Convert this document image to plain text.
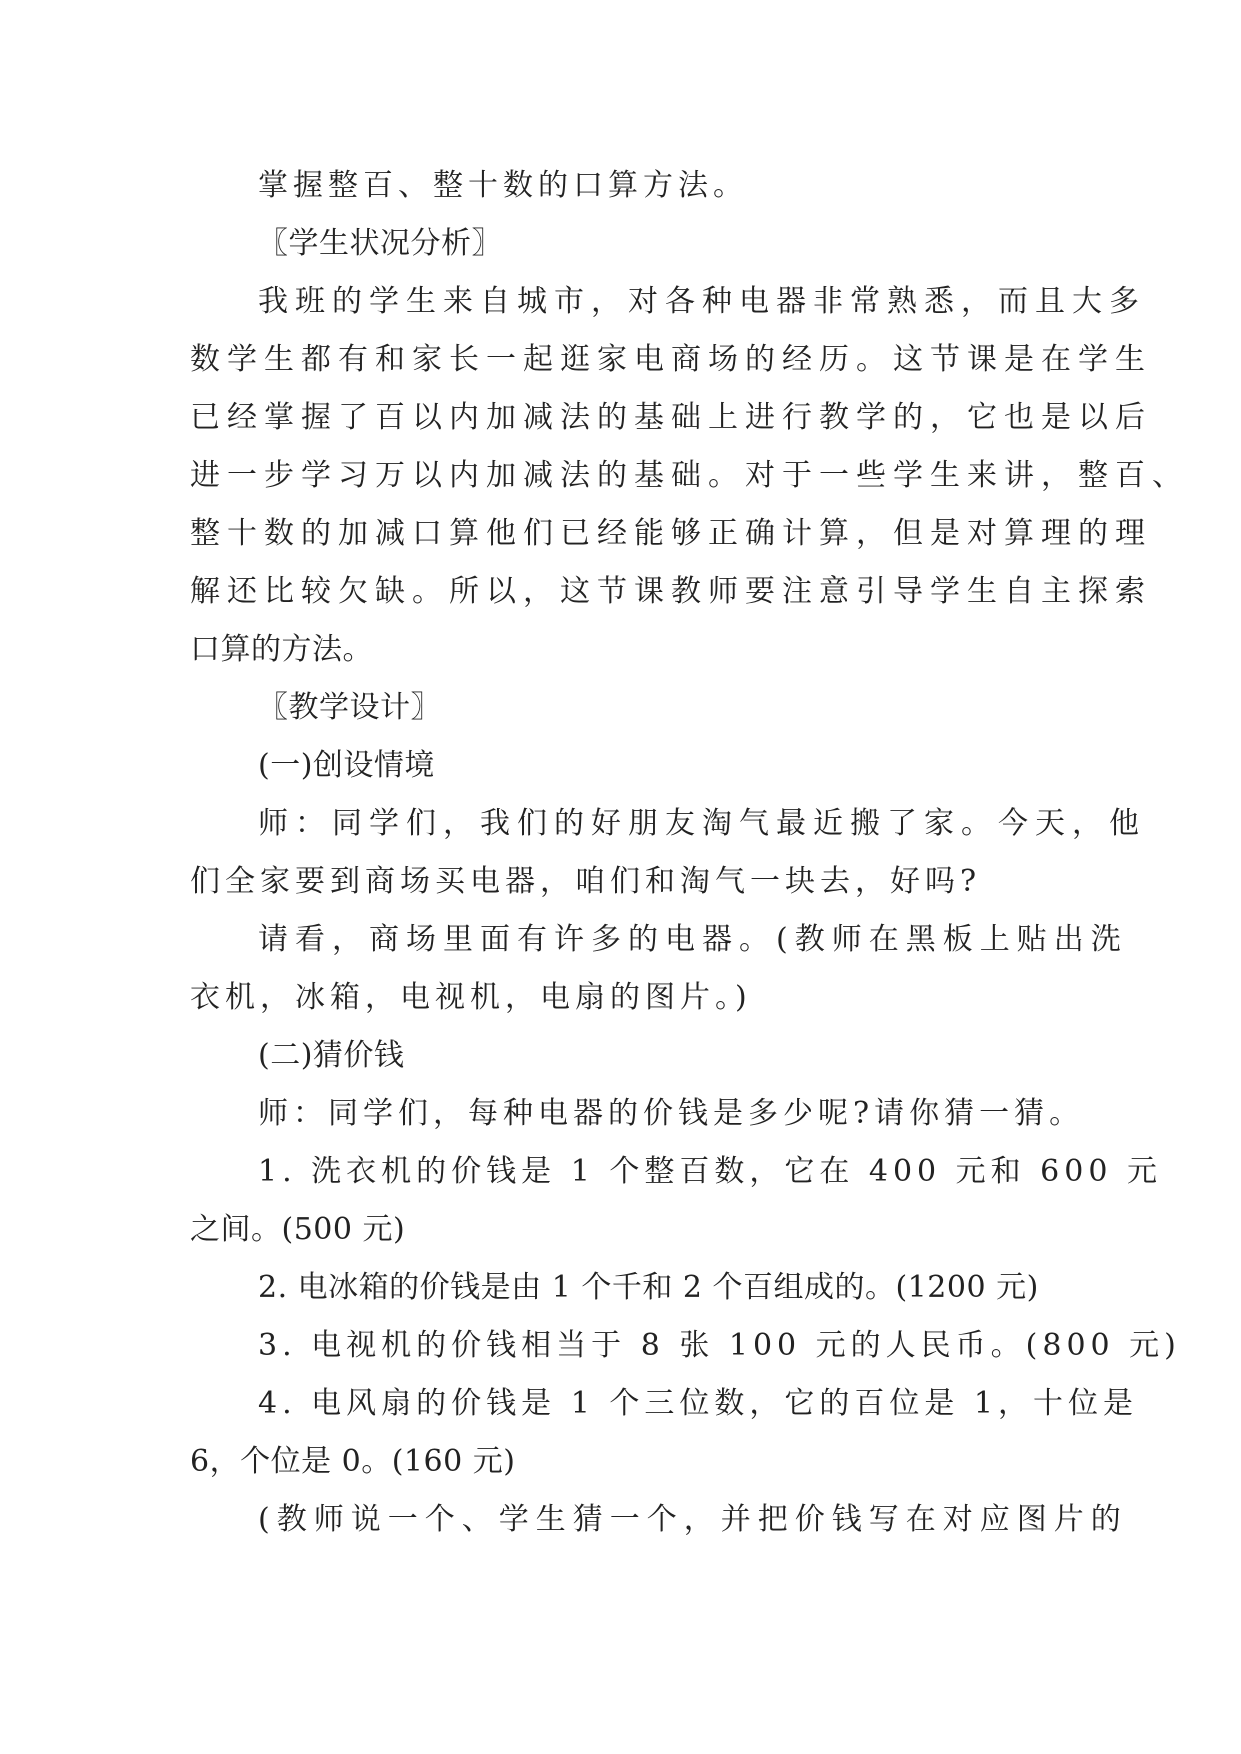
掌握整百、整十数的口算方法。
〖学生状况分析〗
我班的学生来自城市，对各种电器非常熟悉，而且大多
数学生都有和家长一起逛家电商场的经历。这节课是在学生
已经掌握了百以内加减法的基础上进行教学的，它也是以后
进一步学习万以内加减法的基础。对于一些学生来讲，整百、
整十数的加减口算他们已经能够正确计算，但是对算理的理
解还比较欠缺。所以，这节课教师要注意引导学生自主探索
口算的方法。
〖教学设计〗
(一)创设情境
师：同学们，我们的好朋友淘气最近搬了家。今天，他
们全家要到商场买电器，咱们和淘气一块去，好吗?
请看，商场里面有许多的电器。(教师在黑板上贴出洗
衣机，冰箱，电视机，电扇的图片。)
(二)猜价钱
师：同学们，每种电器的价钱是多少呢?请你猜一猜。
1. 洗衣机的价钱是 1 个整百数，它在 400 元和 600 元
之间。(500 元)
2. 电冰箱的价钱是由 1 个千和 2 个百组成的。(1200 元)
3. 电视机的价钱相当于 8 张 100 元的人民币。(800 元)
4. 电风扇的价钱是 1 个三位数，它的百位是 1，十位是
6，个位是 0。(160 元)
(教师说一个、学生猜一个，并把价钱写在对应图片的
